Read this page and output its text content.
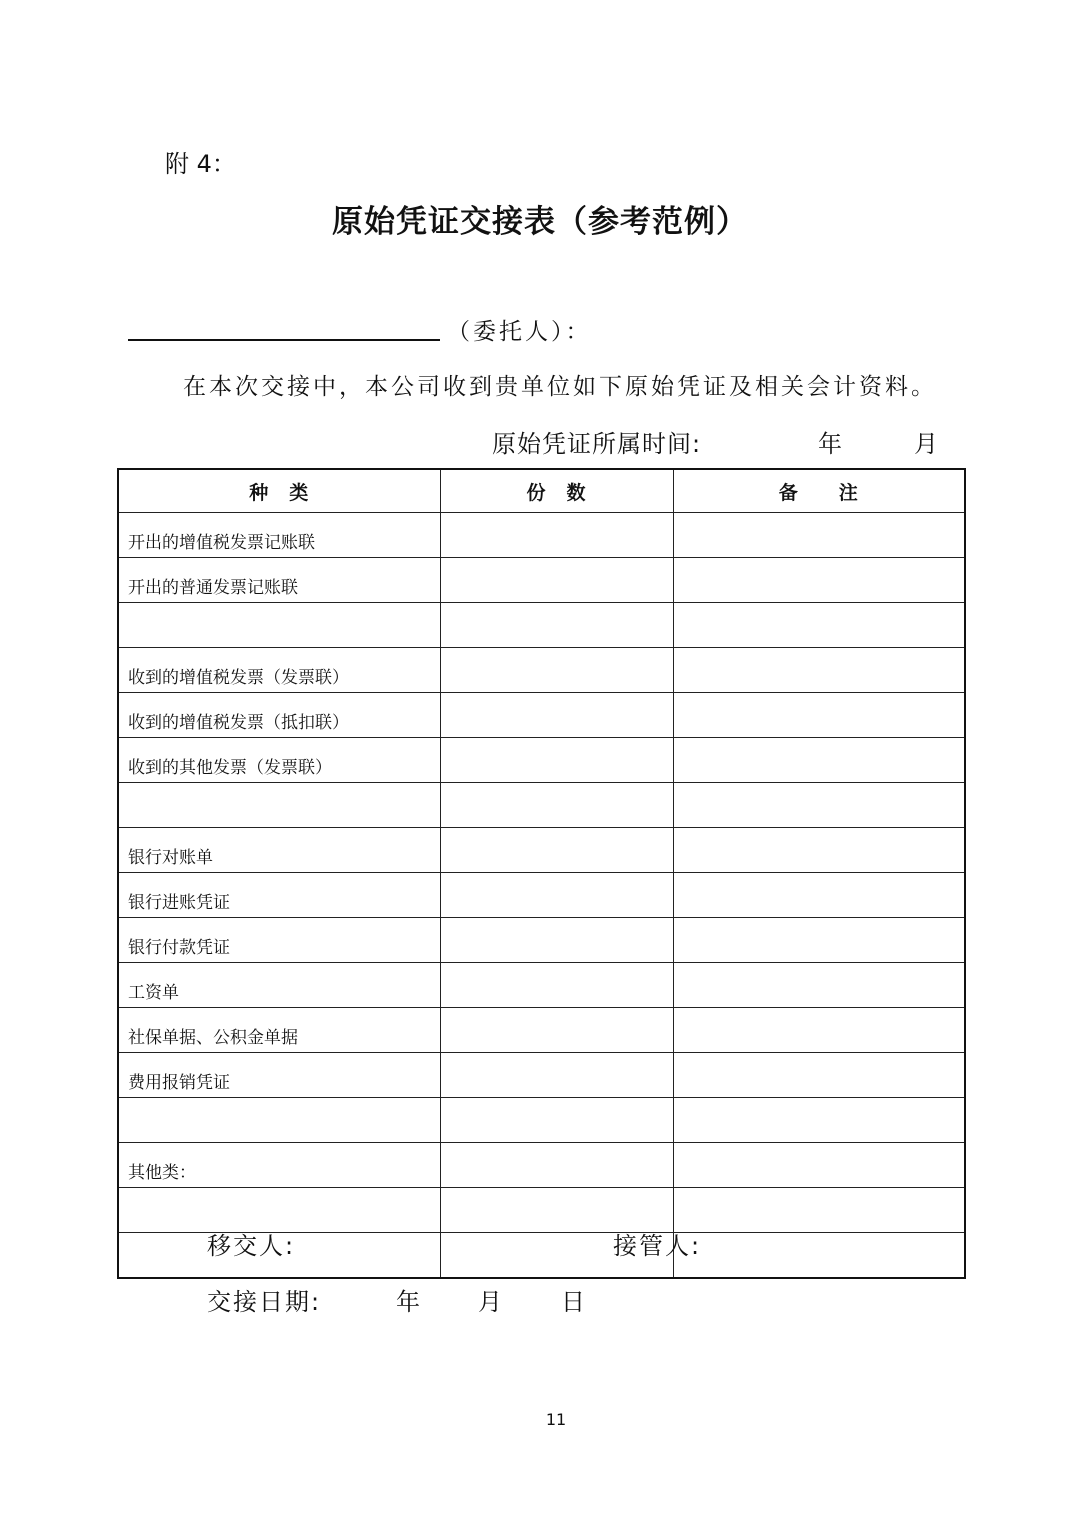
附 4：
原始凭证交接表（参考范例）
（委托人）：
在本次交接中，本公司收到贵单位如下原始凭证及相关会计资料。
原始凭证所属时间:	年	月
种　类	份　数	备　　注
开出的增值税发票记账联		
开出的普通发票记账联		

收到的增值税发票（发票联）		
收到的增值税发票（抵扣联）		
收到的其他发票（发票联）		

银行对账单		
银行进账凭证		
银行付款凭证		
工资单		
社保单据、公积金单据		
费用报销凭证		

其他类：		

移交人:	接管人:
交接日期:	年 月 日
11
